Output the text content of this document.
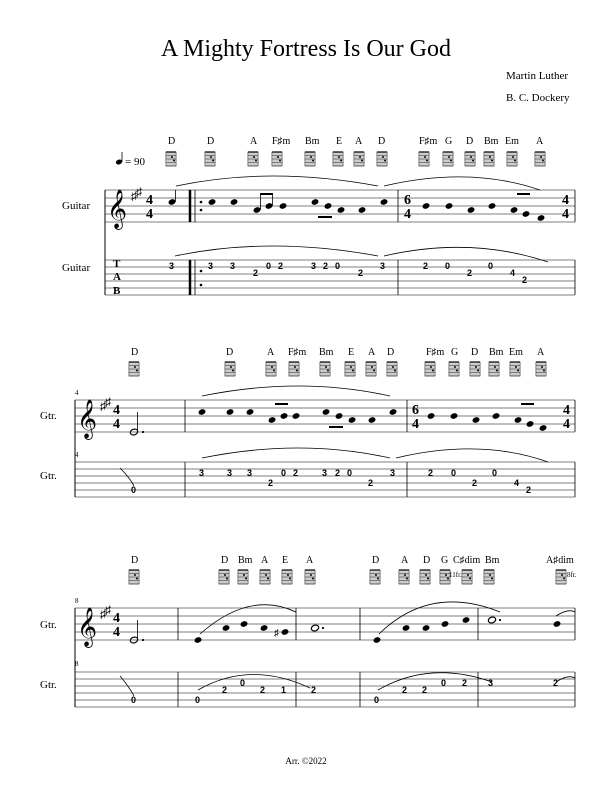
A Mighty Fortress Is Our God
Martin Luther
B. C. Dockery
D	D	A F♯m Bm E A D	F♯m G D Bm Em A
= 90
Guitar
Guitar
𝄞 ♯ ♯
4
4
T
A
B
6
4
4
4
3	3 3
2
0 2	3 2 0
2
3	2 0
2
0
4
2
D	D	A F♯m Bm E A D	F♯m G D Bm Em A
4
4
Gtr.
Gtr.
𝄞 ♯ ♯
4
4
6
4
4
4
0
3	3 3
2
0 2	3 2 0
2
3	2 0
2
0
4
2
D	D Bm A E A	D A D G C♯dim Bm	A♯dim
11fr.	8fr.
8
8
Gtr.
Gtr.
𝄞 ♯ ♯
4
4	♯
0	0
2
0
2 1	2
0
2 2
0 2 3	2
Arr. ©2022
